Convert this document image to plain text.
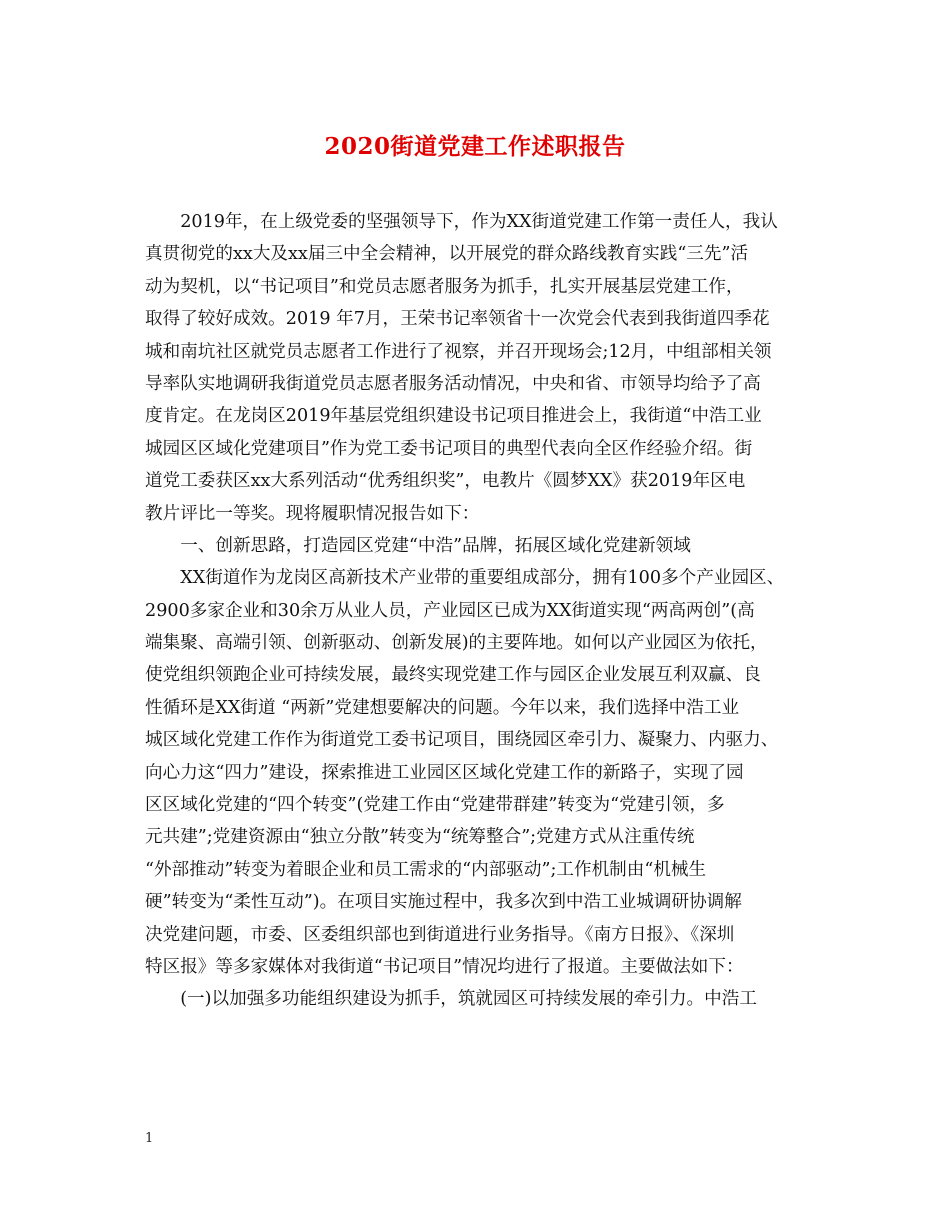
2020街道党建工作述职报告
　　2019年，在上级党委的坚强领导下，作为XX街道党建工作第一责任人，我认
真贯彻党的xx大及xx届三中全会精神，以开展党的群众路线教育实践“三先”活
动为契机，以“书记项目”和党员志愿者服务为抓手，扎实开展基层党建工作，
取得了较好成效。2019 年7月，王荣书记率领省十一次党会代表到我街道四季花
城和南坑社区就党员志愿者工作进行了视察，并召开现场会;12月，中组部相关领
导率队实地调研我街道党员志愿者服务活动情况，中央和省、市领导均给予了高
度肯定。在龙岗区2019年基层党组织建设书记项目推进会上，我街道“中浩工业
城园区区域化党建项目”作为党工委书记项目的典型代表向全区作经验介绍。街
道党工委获区xx大系列活动“优秀组织奖”，电教片《圆梦XX》获2019年区电
教片评比一等奖。现将履职情况报告如下：
　　一、创新思路，打造园区党建“中浩”品牌，拓展区域化党建新领域
　　XX街道作为龙岗区高新技术产业带的重要组成部分，拥有100多个产业园区、
2900多家企业和30余万从业人员，产业园区已成为XX街道实现“两高两创”(高
端集聚、高端引领、创新驱动、创新发展)的主要阵地。如何以产业园区为依托，
使党组织领跑企业可持续发展，最终实现党建工作与园区企业发展互利双赢、良
性循环是XX街道 “两新”党建想要解决的问题。今年以来，我们选择中浩工业
城区域化党建工作作为街道党工委书记项目，围绕园区牵引力、凝聚力、内驱力、
向心力这“四力”建设，探索推进工业园区区域化党建工作的新路子，实现了园
区区域化党建的“四个转变”(党建工作由“党建带群建”转变为“党建引领，多
元共建”;党建资源由“独立分散”转变为“统筹整合”;党建方式从注重传统
“外部推动”转变为着眼企业和员工需求的“内部驱动”;工作机制由“机械生
硬”转变为“柔性互动”)。在项目实施过程中，我多次到中浩工业城调研协调解
决党建问题，市委、区委组织部也到街道进行业务指导。《南方日报》、《深圳
特区报》等多家媒体对我街道“书记项目”情况均进行了报道。主要做法如下：
　　(一)以加强多功能组织建设为抓手，筑就园区可持续发展的牵引力。中浩工
1
